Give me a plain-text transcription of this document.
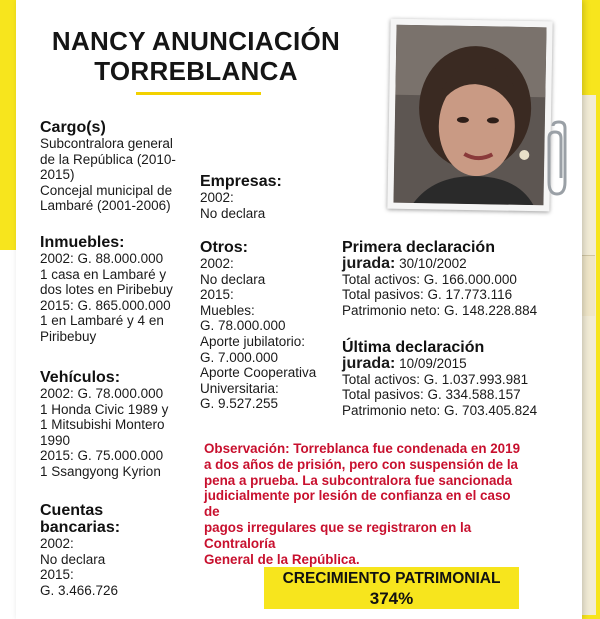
NANCY ANUNCIACIÓN
TORREBLANCA
Cargo(s)
Subcontralora general
de la República (2010-
2015)
Concejal municipal de
Lambaré (2001-2006)
Inmuebles:
2002: G. 88.000.000
1 casa en Lambaré y
dos lotes en Piribebuy
2015: G. 865.000.000
1 en Lambaré y 4 en
Piribebuy
Vehículos:
2002: G. 78.000.000
1 Honda Civic 1989 y
1 Mitsubishi Montero
1990
2015: G. 75.000.000
1 Ssangyong Kyrion
Cuentas
bancarias:
2002:
No declara
2015:
G. 3.466.726
Empresas:
2002:
No declara
Otros:
2002:
No declara
2015:
Muebles:
G. 78.000.000
Aporte jubilatorio:
G. 7.000.000
Aporte Cooperativa
Universitaria:
G. 9.527.255
Primera declaración
jurada: 30/10/2002
Total activos: G. 166.000.000
Total pasivos: G. 17.773.116
Patrimonio neto: G. 148.228.884
Última declaración
jurada: 10/09/2015
Total activos: G. 1.037.993.981
Total pasivos: G. 334.588.157
Patrimonio neto: G. 703.405.824
Observación: Torreblanca fue condenada en 2019
a dos años de prisión, pero con suspensión de la
pena a prueba. La subcontralora fue sancionada
judicialmente por lesión de confianza en el caso de
pagos irregulares que se registraron en la Contraloría
General de la República.
CRECIMIENTO PATRIMONIAL
374%
